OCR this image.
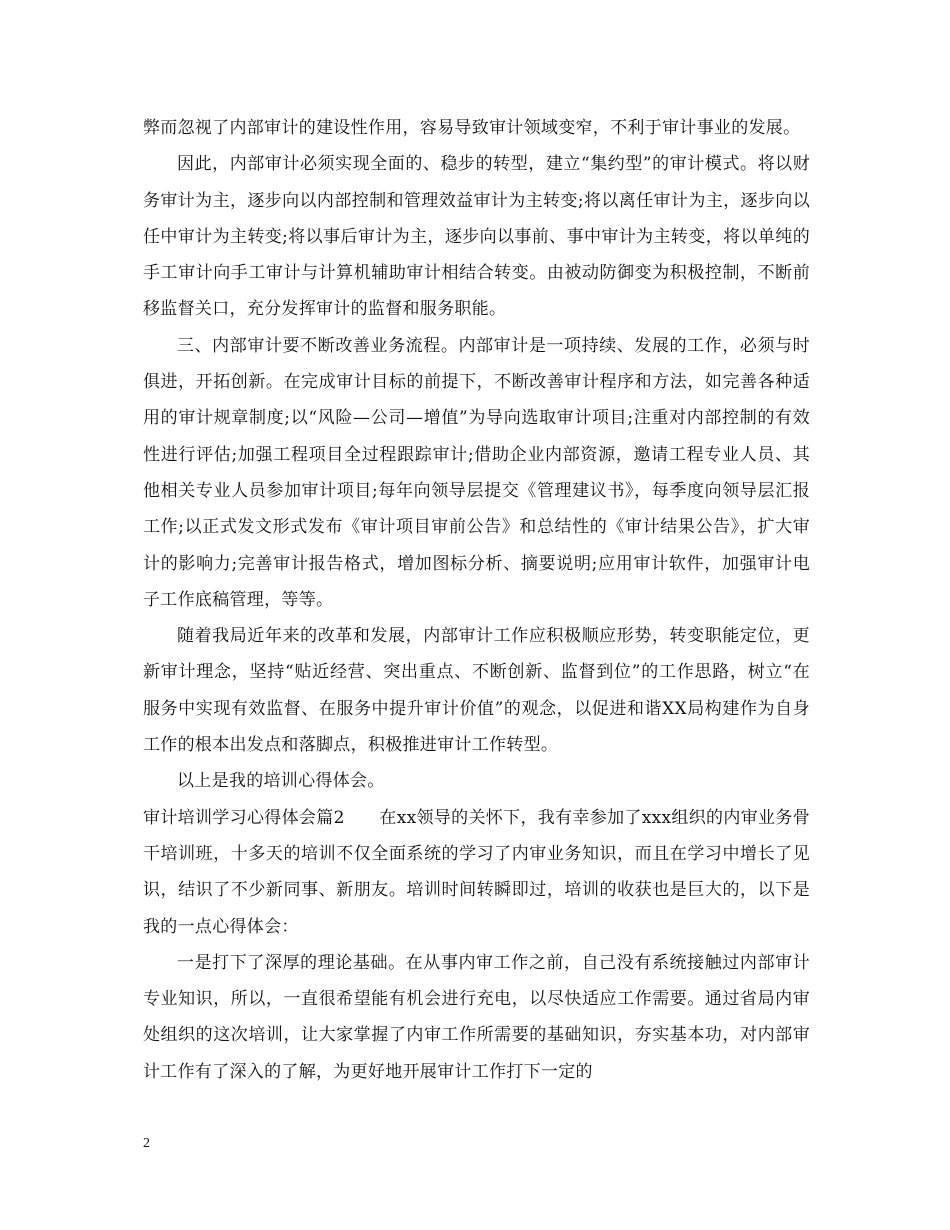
弊而忽视了内部审计的建设性作用，容易导致审计领域变窄，不利于审计事业的发展。

因此，内部审计必须实现全面的、稳步的转型，建立“集约型”的审计模式。将以财务审计为主，逐步向以内部控制和管理效益审计为主转变;将以离任审计为主，逐步向以任中审计为主转变;将以事后审计为主，逐步向以事前、事中审计为主转变，将以单纯的手工审计向手工审计与计算机辅助审计相结合转变。由被动防御变为积极控制，不断前移监督关口，充分发挥审计的监督和服务职能。

三、内部审计要不断改善业务流程。内部审计是一项持续、发展的工作，必须与时俱进，开拓创新。在完成审计目标的前提下，不断改善审计程序和方法，如完善各种适用的审计规章制度;以“风险—公司—增值”为导向选取审计项目;注重对内部控制的有效性进行评估;加强工程项目全过程跟踪审计;借助企业内部资源，邀请工程专业人员、其他相关专业人员参加审计项目;每年向领导层提交《管理建议书》，每季度向领导层汇报工作;以正式发文形式发布《审计项目审前公告》和总结性的《审计结果公告》，扩大审计的影响力;完善审计报告格式，增加图标分析、摘要说明;应用审计软件，加强审计电子工作底稿管理，等等。

随着我局近年来的改革和发展，内部审计工作应积极顺应形势，转变职能定位，更新审计理念，坚持“贴近经营、突出重点、不断创新、监督到位”的工作思路，树立“在服务中实现有效监督、在服务中提升审计价值”的观念，以促进和谐XX局构建作为自身工作的根本出发点和落脚点，积极推进审计工作转型。

以上是我的培训心得体会。

审计培训学习心得体会篇2　　在xx领导的关怀下，我有幸参加了xxx组织的内审业务骨干培训班，十多天的培训不仅全面系统的学习了内审业务知识，而且在学习中增长了见识，结识了不少新同事、新朋友。培训时间转瞬即过，培训的收获也是巨大的，以下是我的一点心得体会：

一是打下了深厚的理论基础。在从事内审工作之前，自己没有系统接触过内部审计专业知识，所以，一直很希望能有机会进行充电，以尽快适应工作需要。通过省局内审处组织的这次培训，让大家掌握了内审工作所需要的基础知识，夯实基本功，对内部审计工作有了深入的了解，为更好地开展审计工作打下一定的

2
